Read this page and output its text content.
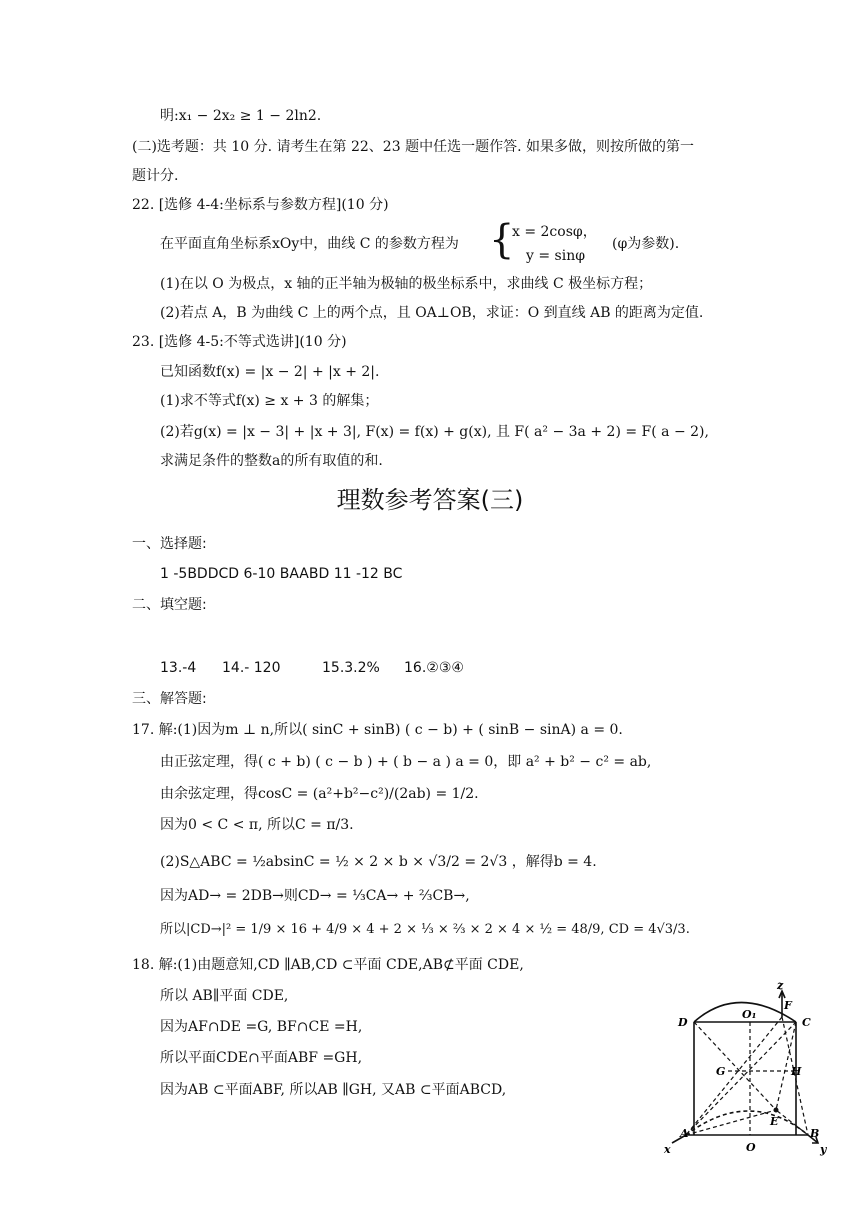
明:x₁ − 2x₂ ≥ 1 − 2ln2.
(二)选考题：共 10 分. 请考生在第 22、23 题中任选一题作答. 如果多做，则按所做的第一
题计分.
22. [选修 4-4:坐标系与参数方程](10 分)
在平面直角坐标系xOy中，曲线 C 的参数方程为 {
x = 2cosφ，
y = sinφ
(φ为参数).
(1)在以 O 为极点，x 轴的正半轴为极轴的极坐标系中，求曲线 C 极坐标方程；
(2)若点 A，B 为曲线 C 上的两个点，且 OA⊥OB，求证：O 到直线 AB 的距离为定值.
23. [选修 4-5:不等式选讲](10 分)
已知函数f(x) = |x − 2| + |x + 2|.
(1)求不等式f(x) ≥ x + 3 的解集；
(2)若g(x) = |x − 3| + |x + 3|, F(x) = f(x) + g(x), 且 F( a² − 3a + 2) = F( a − 2),
求满足条件的整数a的所有取值的和.
理数参考答案(三)
一、选择题:
1 -5BDDCD 6-10 BAABD 11 -12 BC
二、填空题:
13.-4 14.- 120	15.3.2% 16.②③④
三、解答题:
17. 解:(1)因为m ⊥ n,所以( sinC + sinB) ( c − b) + ( sinB − sinA) a = 0.
由正弦定理，得( c + b) ( c − b ) + ( b − a ) a = 0，即 a² + b² − c² = ab,
由余弦定理，得cosC = (a²+b²−c²)/(2ab) = 1/2.
因为0 < C < π, 所以C = π/3.
(2)S△ABC = ½absinC = ½ × 2 × b × √3/2 = 2√3 ，解得b = 4.
因为AD→ = 2DB→则CD→ = ⅓CA→ + ⅔CB→,
所以|CD→|² = 1/9 × 16 + 4/9 × 4 + 2 × ⅓ × ⅔ × 2 × 4 × ½ = 48/9, CD = 4√3/3.
18. 解:(1)由题意知,CD ∥AB,CD ⊂平面 CDE,AB⊄平面 CDE,
所以 AB∥平面 CDE,
因为AF∩DE =G, BF∩CE =H,
所以平面CDE∩平面ABF =GH,
因为AB ⊂平面ABF, 所以AB ∥GH, 又AB ⊂平面ABCD,
z
F
D
O₁
C
G	H
E
A	B
O
x	y
